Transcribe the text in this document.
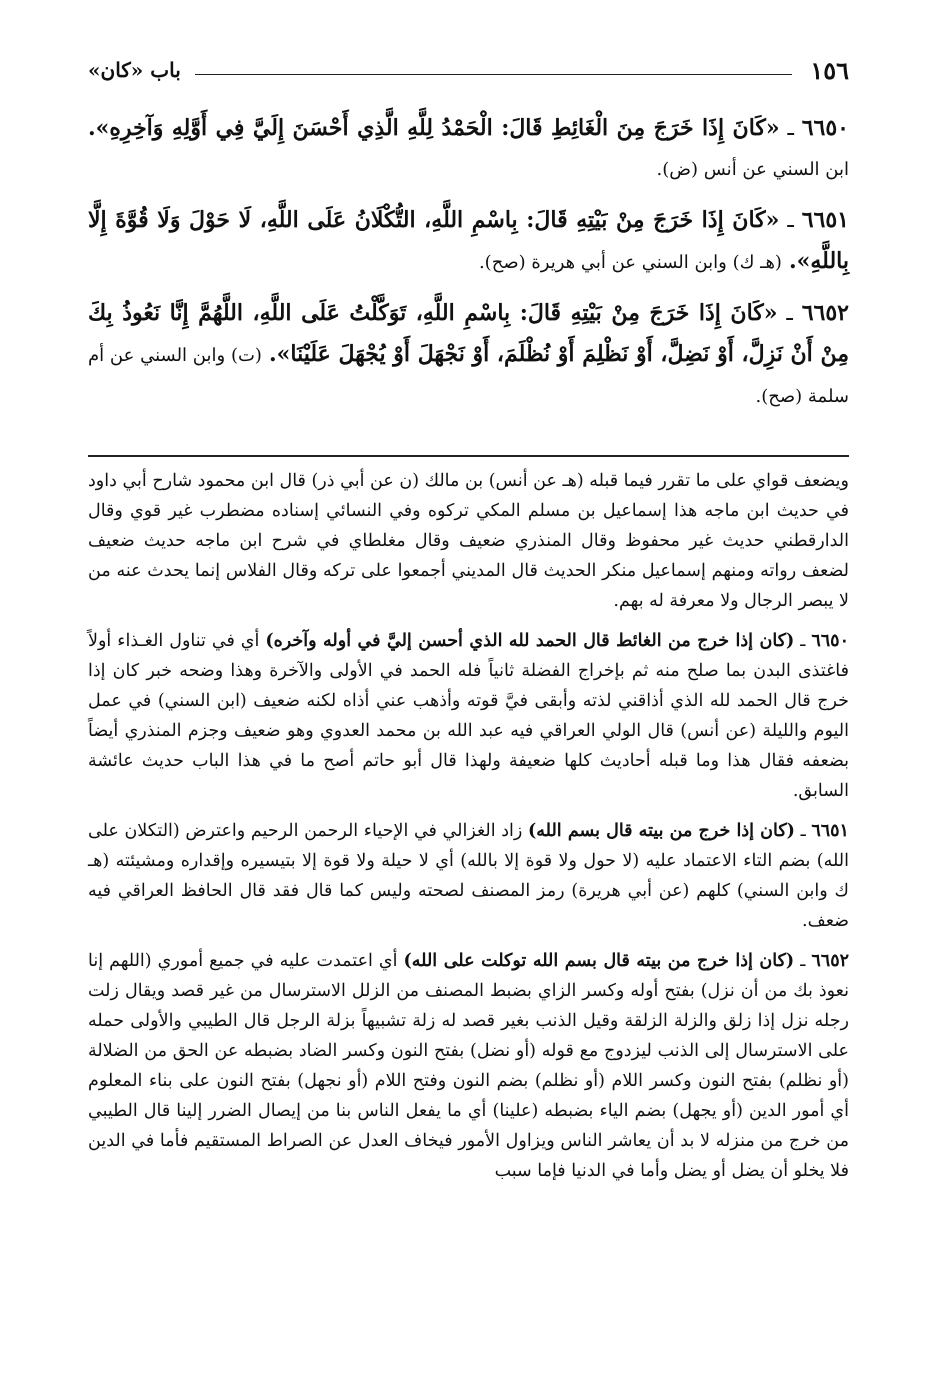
١٥٦
باب «كان»

٦٦٥٠ ـ «كَانَ إِذَا خَرَجَ مِنَ الْغَائِطِ قَالَ: الْحَمْدُ لِلَّهِ الَّذِي أَحْسَنَ إِلَيَّ فِي أَوَّلِهِ وَآخِرِهِ». ابن السني عن أنس (ض).

٦٦٥١ ـ «كَانَ إِذَا خَرَجَ مِنْ بَيْتِهِ قَالَ: بِاسْمِ اللَّهِ، التُّكْلَانُ عَلَى اللَّهِ، لَا حَوْلَ وَلَا قُوَّةَ إِلَّا بِاللَّهِ». (هـ ك) وابن السني عن أبي هريرة (صح).

٦٦٥٢ ـ «كَانَ إِذَا خَرَجَ مِنْ بَيْتِهِ قَالَ: بِاسْمِ اللَّهِ، تَوَكَّلْتُ عَلَى اللَّهِ، اللَّهُمَّ إِنَّا نَعُوذُ بِكَ مِنْ أَنْ نَزِلَّ، أَوْ نَضِلَّ، أَوْ نَظْلِمَ أَوْ نُظْلَمَ، أَوْ نَجْهَلَ أَوْ يُجْهَلَ عَلَيْنَا». (ت) وابن السني عن أم سلمة (صح).

ويضعف قواي على ما تقرر فيما قبله (هـ عن أنس) بن مالك (ن عن أبي ذر) قال ابن محمود شارح أبي داود في حديث ابن ماجه هذا إسماعيل بن مسلم المكي تركوه وفي النسائي إسناده مضطرب غير قوي وقال الدارقطني حديث غير محفوظ وقال المنذري ضعيف وقال مغلطاي في شرح ابن ماجه حديث ضعيف لضعف رواته ومنهم إسماعيل منكر الحديث قال المديني أجمعوا على تركه وقال الفلاس إنما يحدث عنه من لا يبصر الرجال ولا معرفة له بهم.

٦٦٥٠ ـ (كان إذا خرج من الغائط قال الحمد لله الذي أحسن إليَّ في أوله وآخره) أي في تناول الغـذاء أولاً فاغتذى البدن بما صلح منه ثم بإخراج الفضلة ثانياً فله الحمد في الأولى والآخرة وهذا وضحه خبر كان إذا خرج قال الحمد لله الذي أذاقني لذته وأبقى فيَّ قوته وأذهب عني أذاه لكنه ضعيف (ابن السني) في عمل اليوم والليلة (عن أنس) قال الولي العراقي فيه عبد الله بن محمد العدوي وهو ضعيف وجزم المنذري أيضاً بضعفه فقال هذا وما قبله أحاديث كلها ضعيفة ولهذا قال أبو حاتم أصح ما في هذا الباب حديث عائشة السابق.

٦٦٥١ ـ (كان إذا خرج من بيته قال بسم الله) زاد الغزالي في الإحياء الرحمن الرحيم واعترض (التكلان على الله) بضم التاء الاعتماد عليه (لا حول ولا قوة إلا بالله) أي لا حيلة ولا قوة إلا بتيسيره وإقداره ومشيئته (هـ ك وابن السني) كلهم (عن أبي هريرة) رمز المصنف لصحته وليس كما قال فقد قال الحافظ العراقي فيه ضعف.

٦٦٥٢ ـ (كان إذا خرج من بيته قال بسم الله توكلت على الله) أي اعتمدت عليه في جميع أموري (اللهم إنا نعوذ بك من أن نزل) بفتح أوله وكسر الزاي بضبط المصنف من الزلل الاسترسال من غير قصد ويقال زلت رجله نزل إذا زلق والزلة الزلقة وقيل الذنب بغير قصد له زلة تشبيهاً بزلة الرجل قال الطيبي والأولى حمله على الاسترسال إلى الذنب ليزدوج مع قوله (أو نضل) بفتح النون وكسر الضاد بضبطه عن الحق من الضلالة (أو نظلم) بفتح النون وكسر اللام (أو نظلم) بضم النون وفتح اللام (أو نجهل) بفتح النون على بناء المعلوم أي أمور الدين (أو يجهل) بضم الياء بضبطه (علينا) أي ما يفعل الناس بنا من إيصال الضرر إلينا قال الطيبي من خرج من منزله لا بد أن يعاشر الناس ويزاول الأمور فيخاف العدل عن الصراط المستقيم فأما في الدين فلا يخلو أن يضل أو يضل وأما في الدنيا فإما سبب
